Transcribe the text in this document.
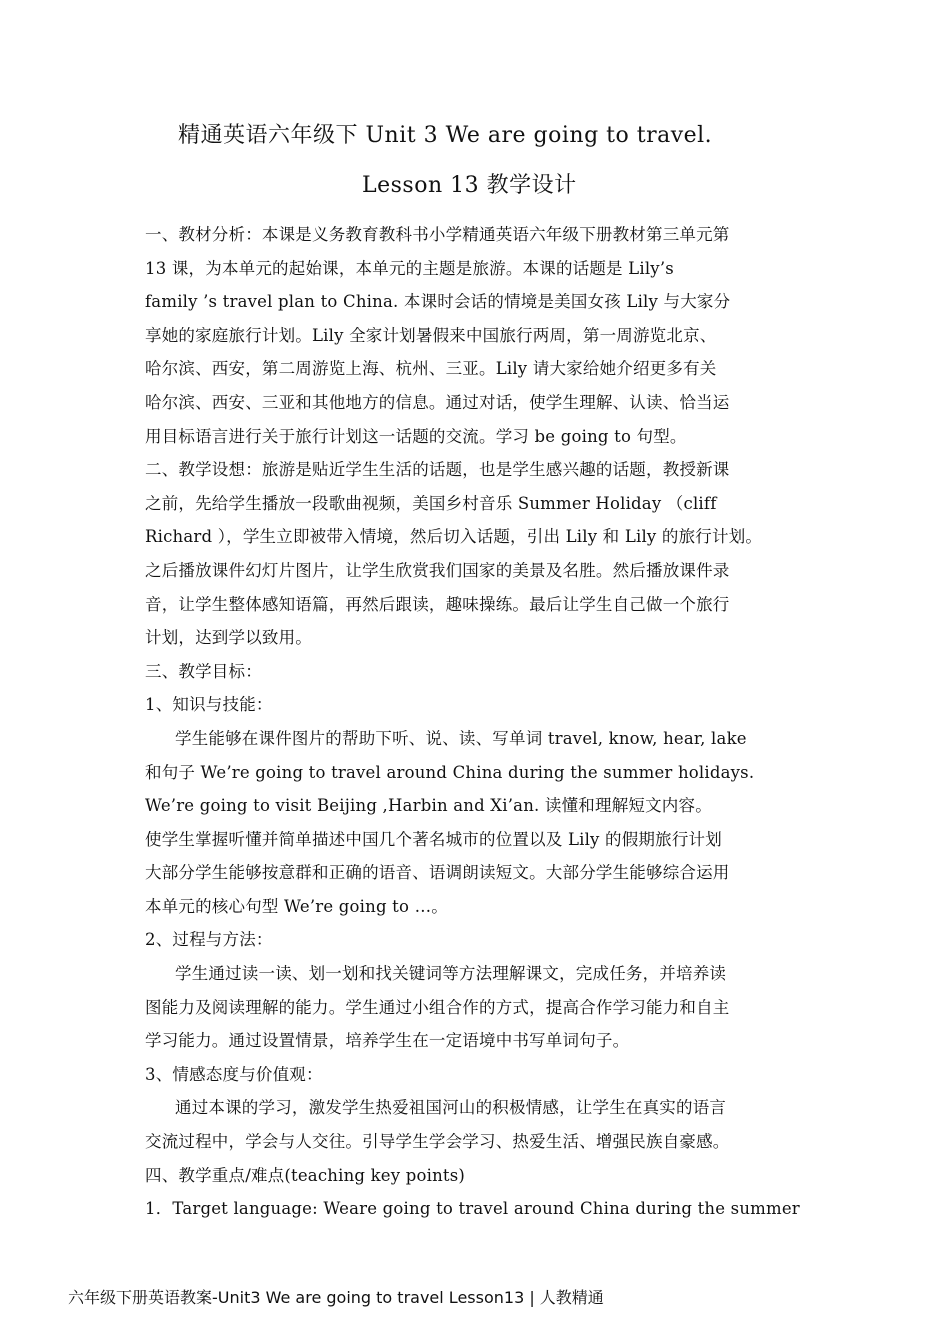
精通英语六年级下 Unit 3 We are going to travel.
Lesson 13 教学设计
一、教材分析：本课是义务教育教科书小学精通英语六年级下册教材第三单元第
13 课，为本单元的起始课，本单元的主题是旅游。本课的话题是 Lily’s
family ’s travel plan to China. 本课时会话的情境是美国女孩 Lily 与大家分
享她的家庭旅行计划。Lily 全家计划暑假来中国旅行两周，第一周游览北京、
哈尔滨、西安，第二周游览上海、杭州、三亚。Lily 请大家给她介绍更多有关
哈尔滨、西安、三亚和其他地方的信息。通过对话，使学生理解、认读、恰当运
用目标语言进行关于旅行计划这一话题的交流。学习 be going to 句型。
二、教学设想：旅游是贴近学生生活的话题，也是学生感兴趣的话题，教授新课
之前，先给学生播放一段歌曲视频，美国乡村音乐 Summer Holiday （cliff
Richard ），学生立即被带入情境，然后切入话题，引出 Lily 和 Lily 的旅行计划。
之后播放课件幻灯片图片，让学生欣赏我们国家的美景及名胜。然后播放课件录
音，让学生整体感知语篇，再然后跟读，趣味操练。最后让学生自己做一个旅行
计划，达到学以致用。
三、教学目标：
1、知识与技能：
学生能够在课件图片的帮助下听、说、读、写单词 travel, know, hear, lake
和句子 We’re going to travel around China during the summer holidays.
We’re going to visit Beijing ,Harbin and Xi’an. 读懂和理解短文内容。
使学生掌握听懂并简单描述中国几个著名城市的位置以及 Lily 的假期旅行计划
大部分学生能够按意群和正确的语音、语调朗读短文。大部分学生能够综合运用
本单元的核心句型 We’re going to …。
2、过程与方法：
学生通过读一读、划一划和找关键词等方法理解课文，完成任务，并培养读
图能力及阅读理解的能力。学生通过小组合作的方式，提高合作学习能力和自主
学习能力。通过设置情景，培养学生在一定语境中书写单词句子。
3、情感态度与价值观：
通过本课的学习，激发学生热爱祖国河山的积极情感，让学生在真实的语言
交流过程中，学会与人交往。引导学生学会学习、热爱生活、增强民族自豪感。
四、教学重点/难点(teaching key points)
1．Target language: Weare going to travel around China during the summer
六年级下册英语教案-Unit3 We are going to travel Lesson13 | 人教精通
